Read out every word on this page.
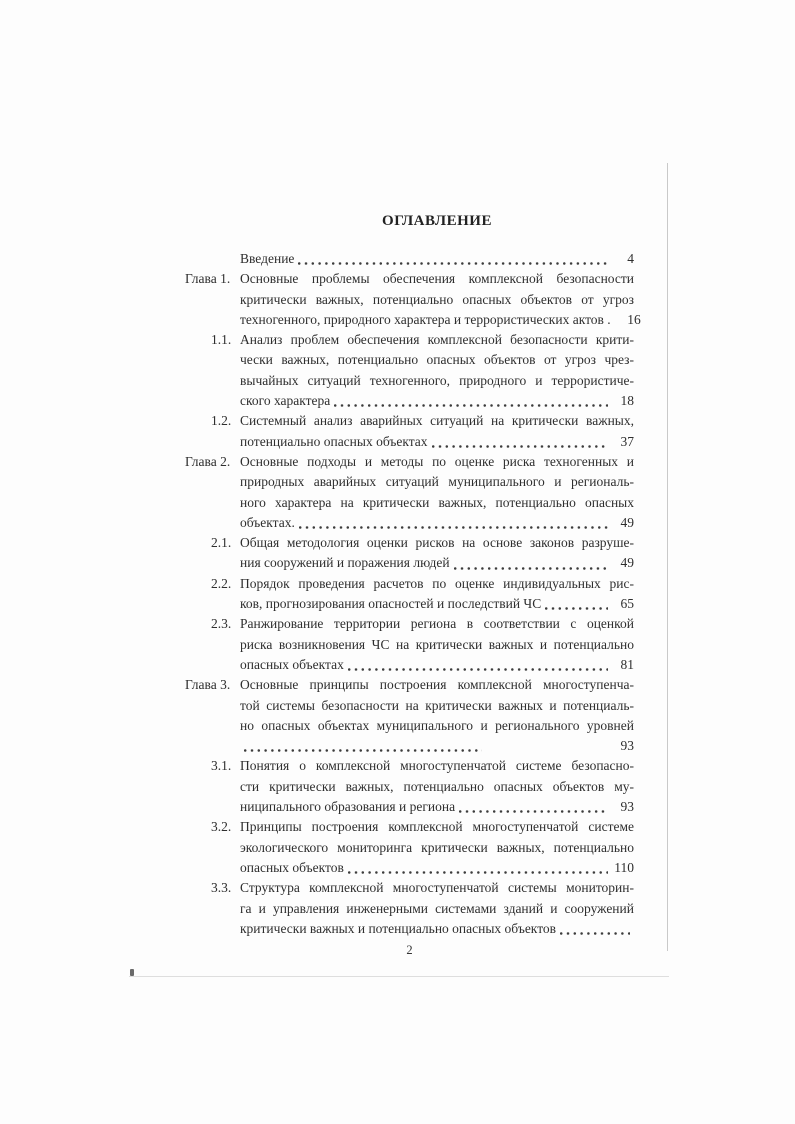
ОГЛАВЛЕНИЕ
Введение	4
Глава 1. Основные проблемы обеспечения комплексной безопасности
критически важных, потенциально опасных объектов от угроз
техногенного, природного характера и террористических актов .	16
1.1. Анализ проблем обеспечения комплексной безопасности крити-
чески важных, потенциально опасных объектов от угроз чрез-
вычайных ситуаций техногенного, природного и террористиче-
ского характера	18
1.2. Системный анализ аварийных ситуаций на критически важных,
потенциально опасных объектах	37
Глава 2. Основные подходы и методы по оценке риска техногенных и
природных аварийных ситуаций муниципального и региональ-
ного характера на критически важных, потенциально опасных
объектах.	49
2.1. Общая методология оценки рисков на основе законов разруше-
ния сооружений и поражения людей	49
2.2. Порядок проведения расчетов по оценке индивидуальных рис-
ков, прогнозирования опасностей и последствий ЧС	65
2.3. Ранжирование территории региона в соответствии с оценкой
риска возникновения ЧС на критически важных и потенциально
опасных объектах	81
Глава 3. Основные принципы построения комплексной многоступенча-
той системы безопасности на критически важных и потенциаль-
но опасных объектах муниципального и регионального уровней
93
3.1. Понятия о комплексной многоступенчатой системе безопасно-
сти критически важных, потенциально опасных объектов му-
ниципального образования и региона	93
3.2. Принципы построения комплексной многоступенчатой системе
экологического мониторинга критически важных, потенциально
опасных объектов	110
3.3. Структура комплексной многоступенчатой системы мониторин-
га и управления инженерными системами зданий и сооружений
критически важных и потенциально опасных объектов
2
